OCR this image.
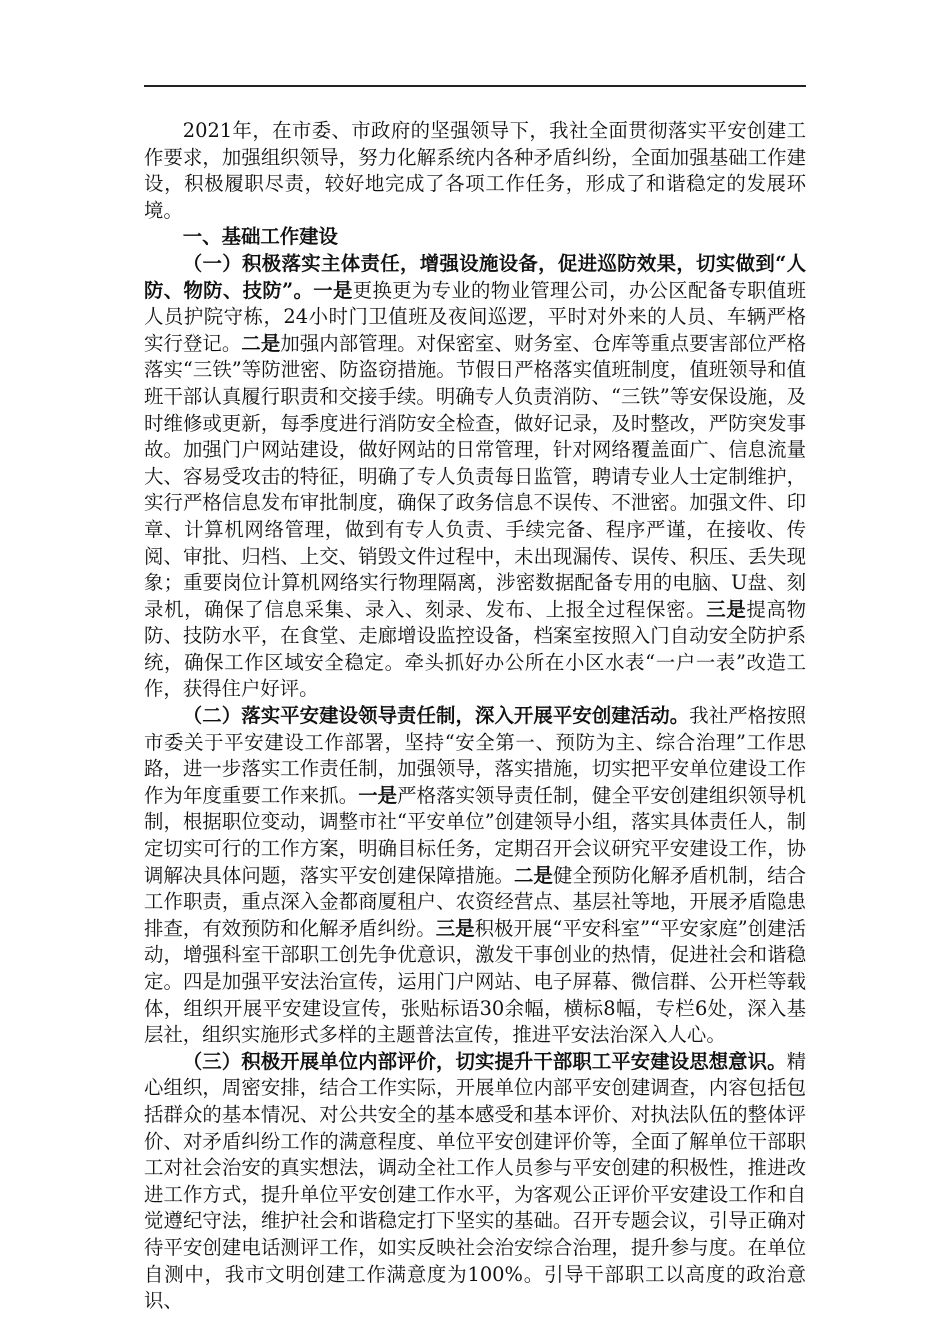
2021年，在市委、市政府的坚强领导下，我社全面贯彻落实平安创建工作要求，加强组织领导，努力化解系统内各种矛盾纠纷，全面加强基础工作建设，积极履职尽责，较好地完成了各项工作任务，形成了和谐稳定的发展环境。

一、基础工作建设

（一）积极落实主体责任，增强设施设备，促进巡防效果，切实做到“人防、物防、技防”。一是更换更为专业的物业管理公司，办公区配备专职值班人员护院守栋，24小时门卫值班及夜间巡逻，平时对外来的人员、车辆严格实行登记。二是加强内部管理。对保密室、财务室、仓库等重点要害部位严格落实“三铁”等防泄密、防盗窃措施。节假日严格落实值班制度，值班领导和值班干部认真履行职责和交接手续。明确专人负责消防、“三铁”等安保设施，及时维修或更新，每季度进行消防安全检查，做好记录，及时整改，严防突发事故。加强门户网站建设，做好网站的日常管理，针对网络覆盖面广、信息流量大、容易受攻击的特征，明确了专人负责每日监管，聘请专业人士定制维护，实行严格信息发布审批制度，确保了政务信息不误传、不泄密。加强文件、印章、计算机网络管理，做到有专人负责、手续完备、程序严谨，在接收、传阅、审批、归档、上交、销毁文件过程中，未出现漏传、误传、积压、丢失现象；重要岗位计算机网络实行物理隔离，涉密数据配备专用的电脑、U盘、刻录机，确保了信息采集、录入、刻录、发布、上报全过程保密。三是提高物防、技防水平，在食堂、走廊增设监控设备，档案室按照入门自动安全防护系统，确保工作区域安全稳定。牵头抓好办公所在小区水表“一户一表”改造工作，获得住户好评。

（二）落实平安建设领导责任制，深入开展平安创建活动。我社严格按照市委关于平安建设工作部署，坚持“安全第一、预防为主、综合治理”工作思路，进一步落实工作责任制，加强领导，落实措施，切实把平安单位建设工作作为年度重要工作来抓。一是严格落实领导责任制，健全平安创建组织领导机制，根据职位变动，调整市社“平安单位”创建领导小组，落实具体责任人，制定切实可行的工作方案，明确目标任务，定期召开会议研究平安建设工作，协调解决具体问题，落实平安创建保障措施。二是健全预防化解矛盾机制，结合工作职责，重点深入金都商厦租户、农资经营点、基层社等地，开展矛盾隐患排查，有效预防和化解矛盾纠纷。三是积极开展“平安科室”“平安家庭”创建活动，增强科室干部职工创先争优意识，激发干事创业的热情，促进社会和谐稳定。四是加强平安法治宣传，运用门户网站、电子屏幕、微信群、公开栏等载体，组织开展平安建设宣传，张贴标语30余幅，横标8幅，专栏6处，深入基层社，组织实施形式多样的主题普法宣传，推进平安法治深入人心。

（三）积极开展单位内部评价，切实提升干部职工平安建设思想意识。精心组织，周密安排，结合工作实际，开展单位内部平安创建调查，内容包括包括群众的基本情况、对公共安全的基本感受和基本评价、对执法队伍的整体评价、对矛盾纠纷工作的满意程度、单位平安创建评价等，全面了解单位干部职工对社会治安的真实想法，调动全社工作人员参与平安创建的积极性，推进改进工作方式，提升单位平安创建工作水平，为客观公正评价平安建设工作和自觉遵纪守法，维护社会和谐稳定打下坚实的基础。召开专题会议，引导正确对待平安创建电话测评工作，如实反映社会治安综合治理，提升参与度。在单位自测中，我市文明创建工作满意度为100%。引导干部职工以高度的政治意识、
